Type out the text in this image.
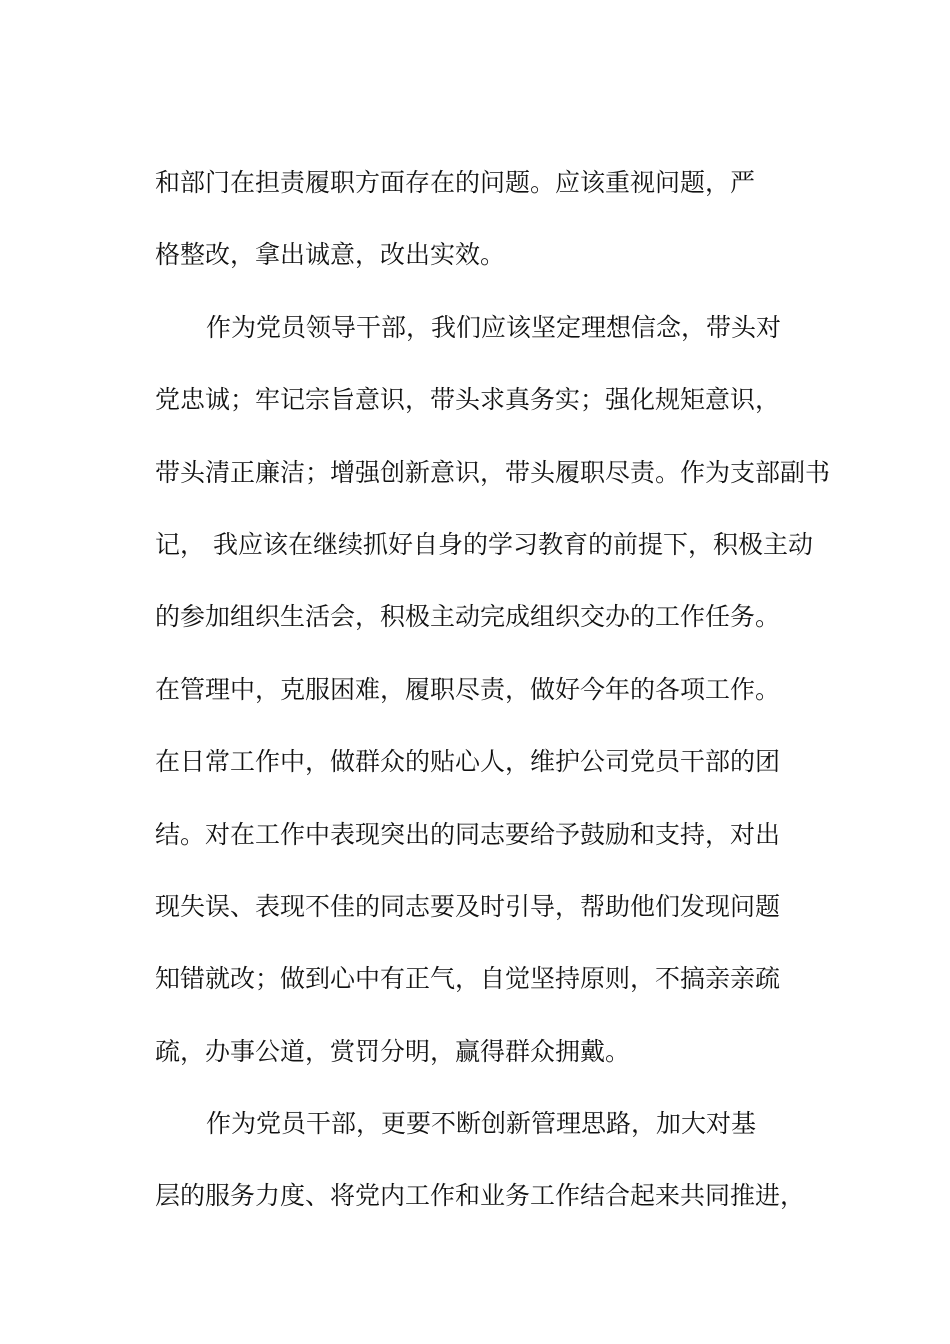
和部门在担责履职方面存在的问题。应该重视问题，严
格整改，拿出诚意，改出实效。
作为党员领导干部，我们应该坚定理想信念，带头对
党忠诚；牢记宗旨意识，带头求真务实；强化规矩意识，
带头清正廉洁；增强创新意识，带头履职尽责。作为支部副书
记， 我应该在继续抓好自身的学习教育的前提下，积极主动
的参加组织生活会，积极主动完成组织交办的工作任务。
在管理中，克服困难，履职尽责，做好今年的各项工作。
在日常工作中，做群众的贴心人，维护公司党员干部的团
结。对在工作中表现突出的同志要给予鼓励和支持，对出
现失误、表现不佳的同志要及时引导，帮助他们发现问题
知错就改；做到心中有正气，自觉坚持原则，不搞亲亲疏
疏，办事公道，赏罚分明，赢得群众拥戴。
作为党员干部，更要不断创新管理思路，加大对基
层的服务力度、将党内工作和业务工作结合起来共同推进，
